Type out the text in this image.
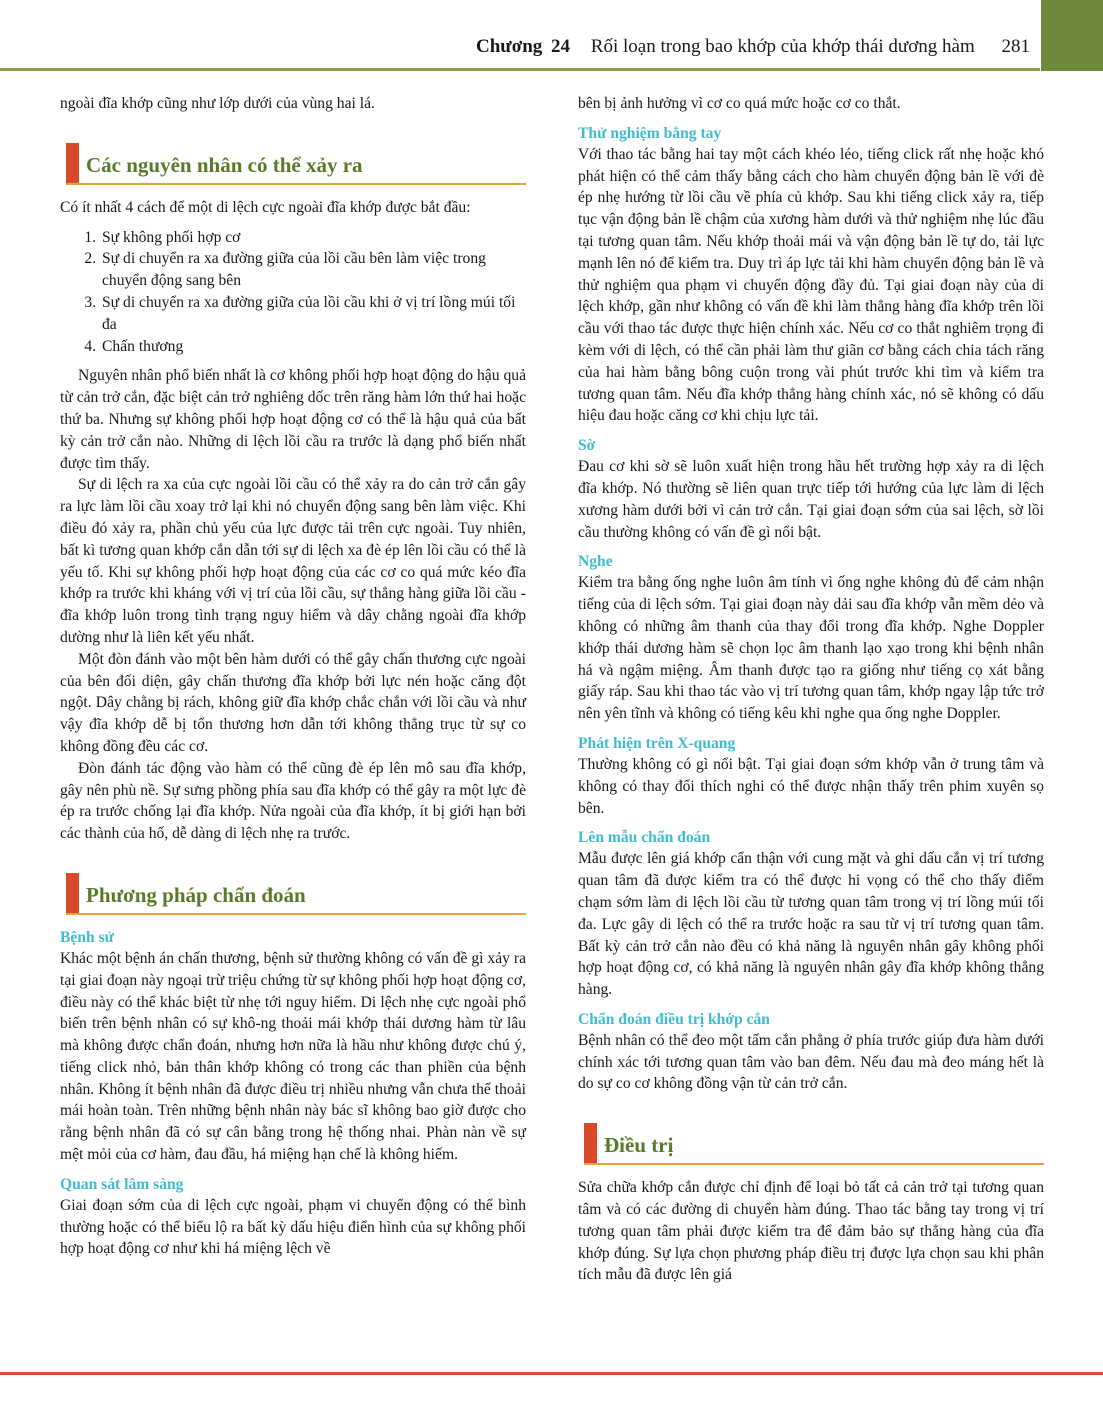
Chương 24 Rối loạn trong bao khớp của khớp thái dương hàm 281

ngoài đĩa khớp cũng như lớp dưới của vùng hai lá.

Các nguyên nhân có thể xảy ra

Có ít nhất 4 cách để một di lệch cực ngoài đĩa khớp được bắt đầu:

1. Sự không phối hợp cơ
2. Sự di chuyển ra xa đường giữa của lồi cầu bên làm việc trong chuyển động sang bên
3. Sự di chuyển ra xa đường giữa của lồi cầu khi ở vị trí lồng múi tối đa
4. Chấn thương

Nguyên nhân phổ biến nhất là cơ không phối hợp hoạt động do hậu quả từ cản trở cắn, đặc biệt cản trở nghiêng dốc trên răng hàm lớn thứ hai hoặc thứ ba. Nhưng sự không phối hợp hoạt động cơ có thể là hậu quả của bất kỳ cản trở cắn nào. Những di lệch lồi cầu ra trước là dạng phổ biến nhất được tìm thấy.

Sự di lệch ra xa của cực ngoài lồi cầu có thể xảy ra do cản trở cắn gây ra lực làm lồi cầu xoay trở lại khi nó chuyển động sang bên làm việc. Khi điều đó xảy ra, phần chủ yếu của lực được tải trên cực ngoài. Tuy nhiên, bất kì tương quan khớp cắn dẫn tới sự di lệch xa đè ép lên lồi cầu có thể là yếu tố. Khi sự không phối hợp hoạt động của các cơ co quá mức kéo đĩa khớp ra trước khi kháng với vị trí của lồi cầu, sự thẳng hàng giữa lồi cầu - đĩa khớp luôn trong tình trạng nguy hiểm và dây chằng ngoài đĩa khớp dường như là liên kết yếu nhất.

Một đòn đánh vào một bên hàm dưới có thể gây chấn thương cực ngoài của bên đối diện, gây chấn thương đĩa khớp bởi lực nén hoặc căng đột ngột. Dây chằng bị rách, không giữ đĩa khớp chắc chắn với lồi cầu và như vậy đĩa khớp dễ bị tổn thương hơn dẫn tới không thẳng trục từ sự co không đồng đều các cơ.

Đòn đánh tác động vào hàm có thể cũng đè ép lên mô sau đĩa khớp, gây nên phù nề. Sự sưng phồng phía sau đĩa khớp có thể gây ra một lực đè ép ra trước chống lại đĩa khớp. Nửa ngoài của đĩa khớp, ít bị giới hạn bởi các thành của hố, dễ dàng di lệch nhẹ ra trước.

Phương pháp chẩn đoán
Bệnh sử

Khác một bệnh án chấn thương, bệnh sử thường không có vấn đề gì xảy ra tại giai đoạn này ngoại trừ triệu chứng từ sự không phối hợp hoạt động cơ, điều này có thể khác biệt từ nhẹ tới nguy hiểm. Di lệch nhẹ cực ngoài phổ biến trên bệnh nhân có sự khô-ng thoải mái khớp thái dương hàm từ lâu mà không được chẩn đoán, nhưng hơn nữa là hầu như không được chú ý, tiếng click nhỏ, bản thân khớp không có trong các than phiền của bệnh nhân. Không ít bệnh nhân đã được điều trị nhiều nhưng vẫn chưa thể thoải mái hoàn toàn. Trên những bệnh nhân này bác sĩ không bao giờ được cho rằng bệnh nhân đã có sự cân bằng trong hệ thống nhai. Phàn nàn về sự mệt mỏi của cơ hàm, đau đầu, há miệng hạn chế là không hiếm.

Quan sát lâm sàng

Giai đoạn sớm của di lệch cực ngoài, phạm vi chuyển động có thể bình thường hoặc có thể biểu lộ ra bất kỳ dấu hiệu điển hình của sự không phối hợp hoạt động cơ như khi há miệng lệch về

bên bị ảnh hưởng vì cơ co quá mức hoặc cơ co thắt.

Thử nghiệm bằng tay

Với thao tác bằng hai tay một cách khéo léo, tiếng click rất nhẹ hoặc khó phát hiện có thể cảm thấy bằng cách cho hàm chuyển động bản lề với đè ép nhẹ hướng từ lồi cầu về phía củ khớp. Sau khi tiếng click xảy ra, tiếp tục vận động bản lề chậm của xương hàm dưới và thử nghiệm nhẹ lúc đầu tại tương quan tâm. Nếu khớp thoải mái và vận động bản lề tự do, tải lực mạnh lên nó để kiểm tra. Duy trì áp lực tải khi hàm chuyển động bản lề và thử nghiệm qua phạm vi chuyển động đầy đủ. Tại giai đoạn này của di lệch khớp, gần như không có vấn đề khi làm thẳng hàng đĩa khớp trên lồi cầu với thao tác được thực hiện chính xác. Nếu cơ co thắt nghiêm trọng đi kèm với di lệch, có thể cần phải làm thư giãn cơ bằng cách chia tách răng của hai hàm bằng bông cuộn trong vài phút trước khi tìm và kiểm tra tương quan tâm. Nếu đĩa khớp thẳng hàng chính xác, nó sẽ không có dấu hiệu đau hoặc căng cơ khi chịu lực tải.

Sờ

Đau cơ khi sờ sẽ luôn xuất hiện trong hầu hết trường hợp xảy ra di lệch đĩa khớp. Nó thường sẽ liên quan trực tiếp tới hướng của lực làm di lệch xương hàm dưới bởi vì cản trở cắn. Tại giai đoạn sớm của sai lệch, sờ lồi cầu thường không có vấn đề gì nổi bật.

Nghe

Kiểm tra bằng ống nghe luôn âm tính vì ống nghe không đủ để cảm nhận tiếng của di lệch sớm. Tại giai đoạn này dải sau đĩa khớp vẫn mềm dẻo và không có những âm thanh của thay đổi trong đĩa khớp. Nghe Doppler khớp thái dương hàm sẽ chọn lọc âm thanh lạo xạo trong khi bệnh nhân há và ngậm miệng. Âm thanh được tạo ra giống như tiếng cọ xát bằng giấy ráp. Sau khi thao tác vào vị trí tương quan tâm, khớp ngay lập tức trở nên yên tĩnh và không có tiếng kêu khi nghe qua ống nghe Doppler.

Phát hiện trên X-quang

Thường không có gì nổi bật. Tại giai đoạn sớm khớp vẫn ở trung tâm và không có thay đổi thích nghi có thể được nhận thấy trên phim xuyên sọ bên.

Lên mẫu chẩn đoán

Mẫu được lên giá khớp cẩn thận với cung mặt và ghi dấu cắn vị trí tương quan tâm đã được kiểm tra có thể được hi vọng có thể cho thấy điểm chạm sớm làm di lệch lồi cầu từ tương quan tâm trong vị trí lồng múi tối đa. Lực gây di lệch có thể ra trước hoặc ra sau từ vị trí tương quan tâm. Bất kỳ cản trở cắn nào đều có khả năng là nguyên nhân gây không phối hợp hoạt động cơ, có khả năng là nguyên nhân gây đĩa khớp không thẳng hàng.

Chẩn đoán điều trị khớp cắn

Bệnh nhân có thể đeo một tấm cắn phẳng ở phía trước giúp đưa hàm dưới chính xác tới tương quan tâm vào ban đêm. Nếu đau mà đeo máng hết là do sự co cơ không đồng vận từ cản trở cắn.

Điều trị

Sửa chữa khớp cắn được chỉ định để loại bỏ tất cả cản trở tại tương quan tâm và có các đường di chuyển hàm đúng. Thao tác bằng tay trong vị trí tương quan tâm phải được kiểm tra để đảm bảo sự thẳng hàng của đĩa khớp đúng. Sự lựa chọn phương pháp điều trị được lựa chọn sau khi phân tích mẫu đã được lên giá
